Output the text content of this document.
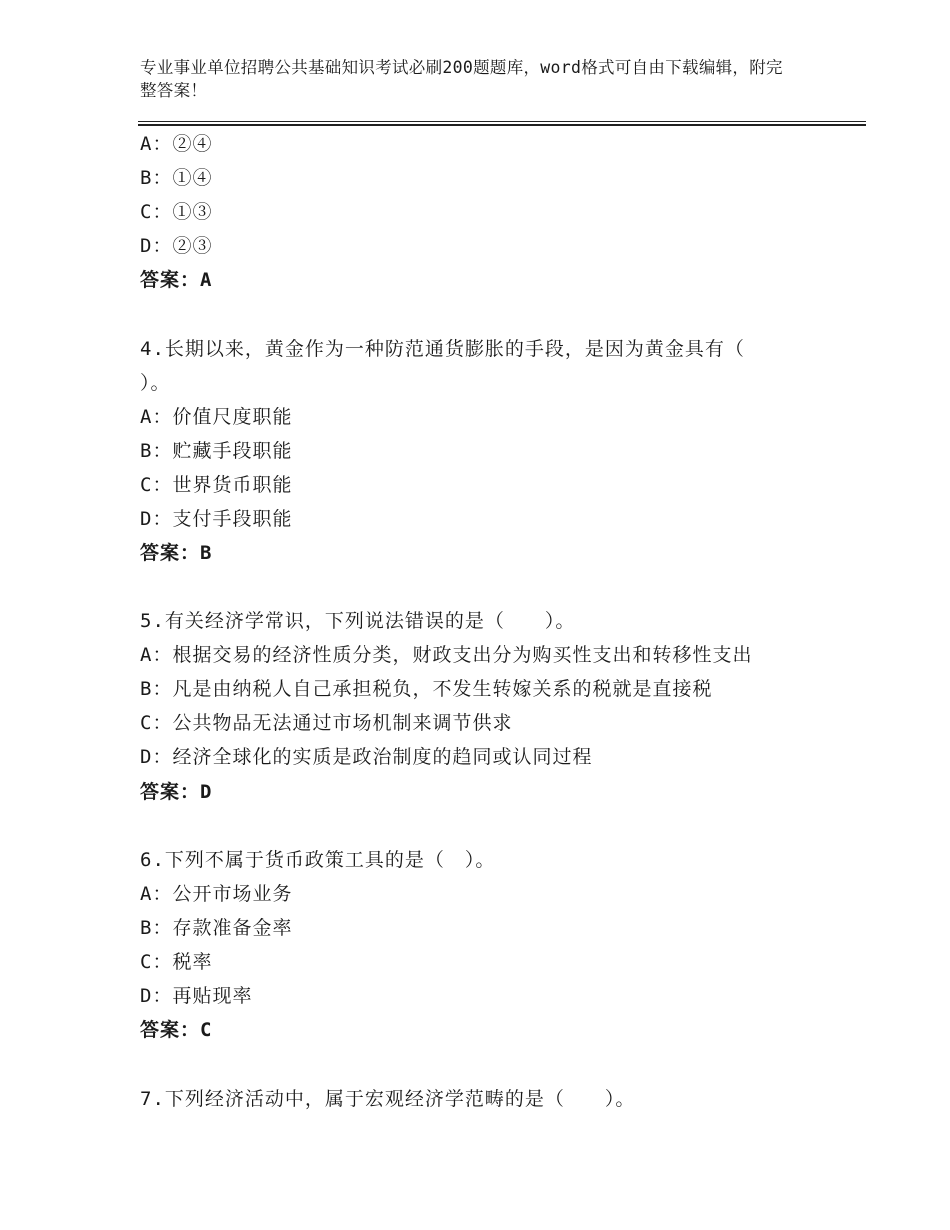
专业事业单位招聘公共基础知识考试必刷200题题库，word格式可自由下载编辑，附完整答案！
A：②④
B：①④
C：①③
D：②③
答案：A
4.长期以来，黄金作为一种防范通货膨胀的手段，是因为黄金具有（
）。
A：价值尺度职能
B：贮藏手段职能
C：世界货币职能
D：支付手段职能
答案：B
5.有关经济学常识，下列说法错误的是（　　）。
A：根据交易的经济性质分类，财政支出分为购买性支出和转移性支出
B：凡是由纳税人自己承担税负，不发生转嫁关系的税就是直接税
C：公共物品无法通过市场机制来调节供求
D：经济全球化的实质是政治制度的趋同或认同过程
答案：D
6.下列不属于货币政策工具的是（　）。
A：公开市场业务
B：存款准备金率
C：税率
D：再贴现率
答案：C
7.下列经济活动中，属于宏观经济学范畴的是（　　）。
